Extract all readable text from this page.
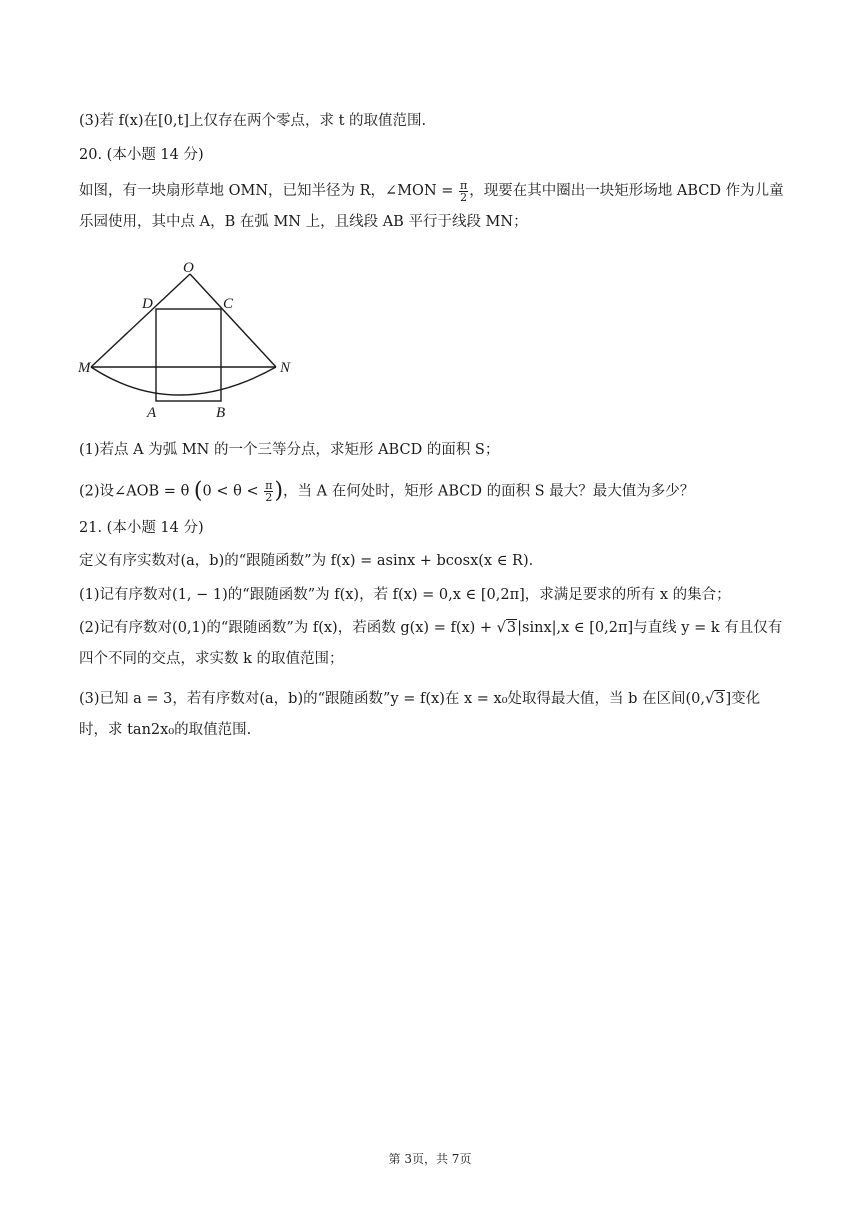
(3)若 f(x)在[0,t]上仅存在两个零点，求 t 的取值范围.
20. (本小题 14 分)
如图，有一块扇形草地 OMN，已知半径为 R，∠MON = $\frac{\pi}{2}$ ，现要在其中圈出一块矩形场地 ABCD 作为儿童乐园使用，其中点 A，B 在弧 MN 上，且线段 AB 平行于线段 MN；
O
D	C
M	N
A	B
(1)若点 A 为弧 MN 的一个三等分点，求矩形 ABCD 的面积 S；
(2)设∠AOB = θ ($0 < \theta < \frac{\pi}{2}$ )，当 A 在何处时，矩形 ABCD 的面积 S 最大？最大值为多少？
21. (本小题 14 分)
定义有序实数对(a，b)的“跟随函数”为 f(x) = asinx + bcosx(x ∈ R).
(1)记有序数对(1, − 1)的“跟随函数”为 f(x)，若 f(x) = 0,x ∈ [0,2π]，求满足要求的所有 x 的集合；
(2)记有序数对(0,1)的“跟随函数”为 f(x)，若函数 g(x) = f(x) + √3|sinx|,x ∈ [0,2π]与直线 y = k 有且仅有四个不同的交点，求实数 k 的取值范围；
(3)已知 a = 3，若有序数对(a，b)的“跟随函数”y = f(x)在 x = x₀处取得最大值，当 b 在区间(0,√3]变化时，求 tan2x₀的取值范围.
第 3页，共 7页
